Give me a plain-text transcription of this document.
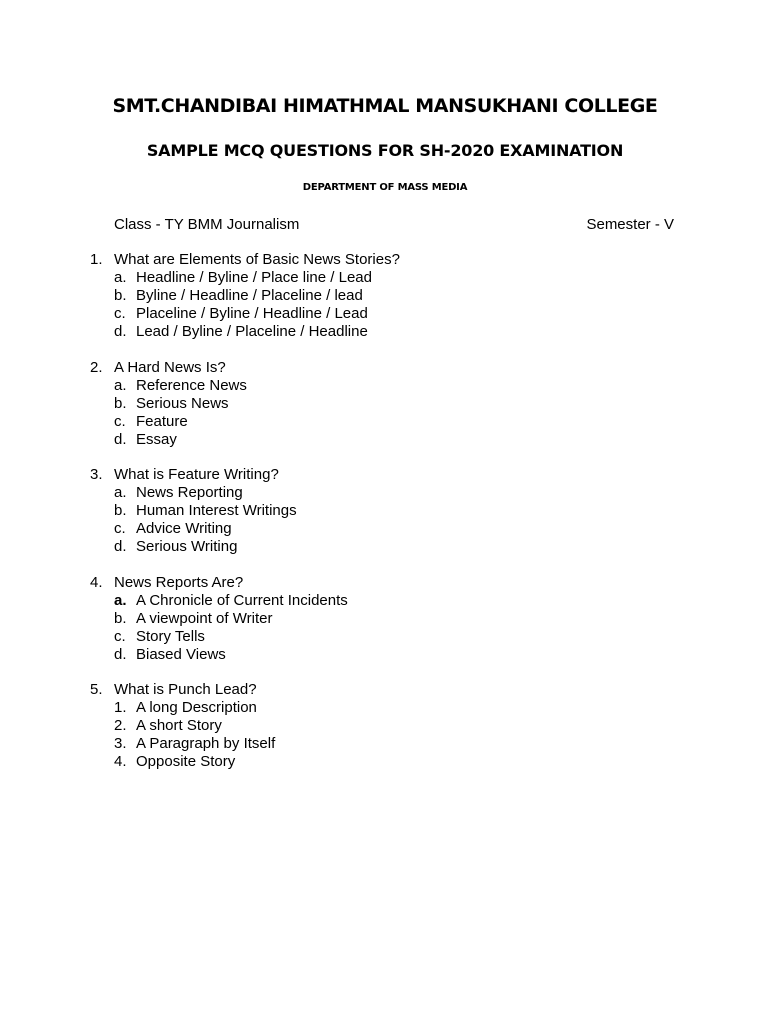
SMT.CHANDIBAI HIMATHMAL MANSUKHANI COLLEGE
SAMPLE MCQ QUESTIONS FOR SH-2020 EXAMINATION
DEPARTMENT OF MASS MEDIA
Class - TY BMM Journalism	Semester - V
1. What are Elements of Basic News Stories?
a. Headline / Byline / Place line / Lead
b. Byline / Headline / Placeline / lead
c. Placeline / Byline / Headline / Lead
d. Lead / Byline / Placeline / Headline
2. A Hard News Is?
a. Reference News
b. Serious News
c. Feature
d. Essay
3. What is Feature Writing?
a. News Reporting
b. Human Interest Writings
c. Advice Writing
d. Serious Writing
4. News Reports Are?
a. A Chronicle of Current Incidents
b. A viewpoint of Writer
c. Story Tells
d. Biased Views
5. What is Punch Lead?
1. A long Description
2. A short Story
3. A Paragraph by Itself
4. Opposite Story
